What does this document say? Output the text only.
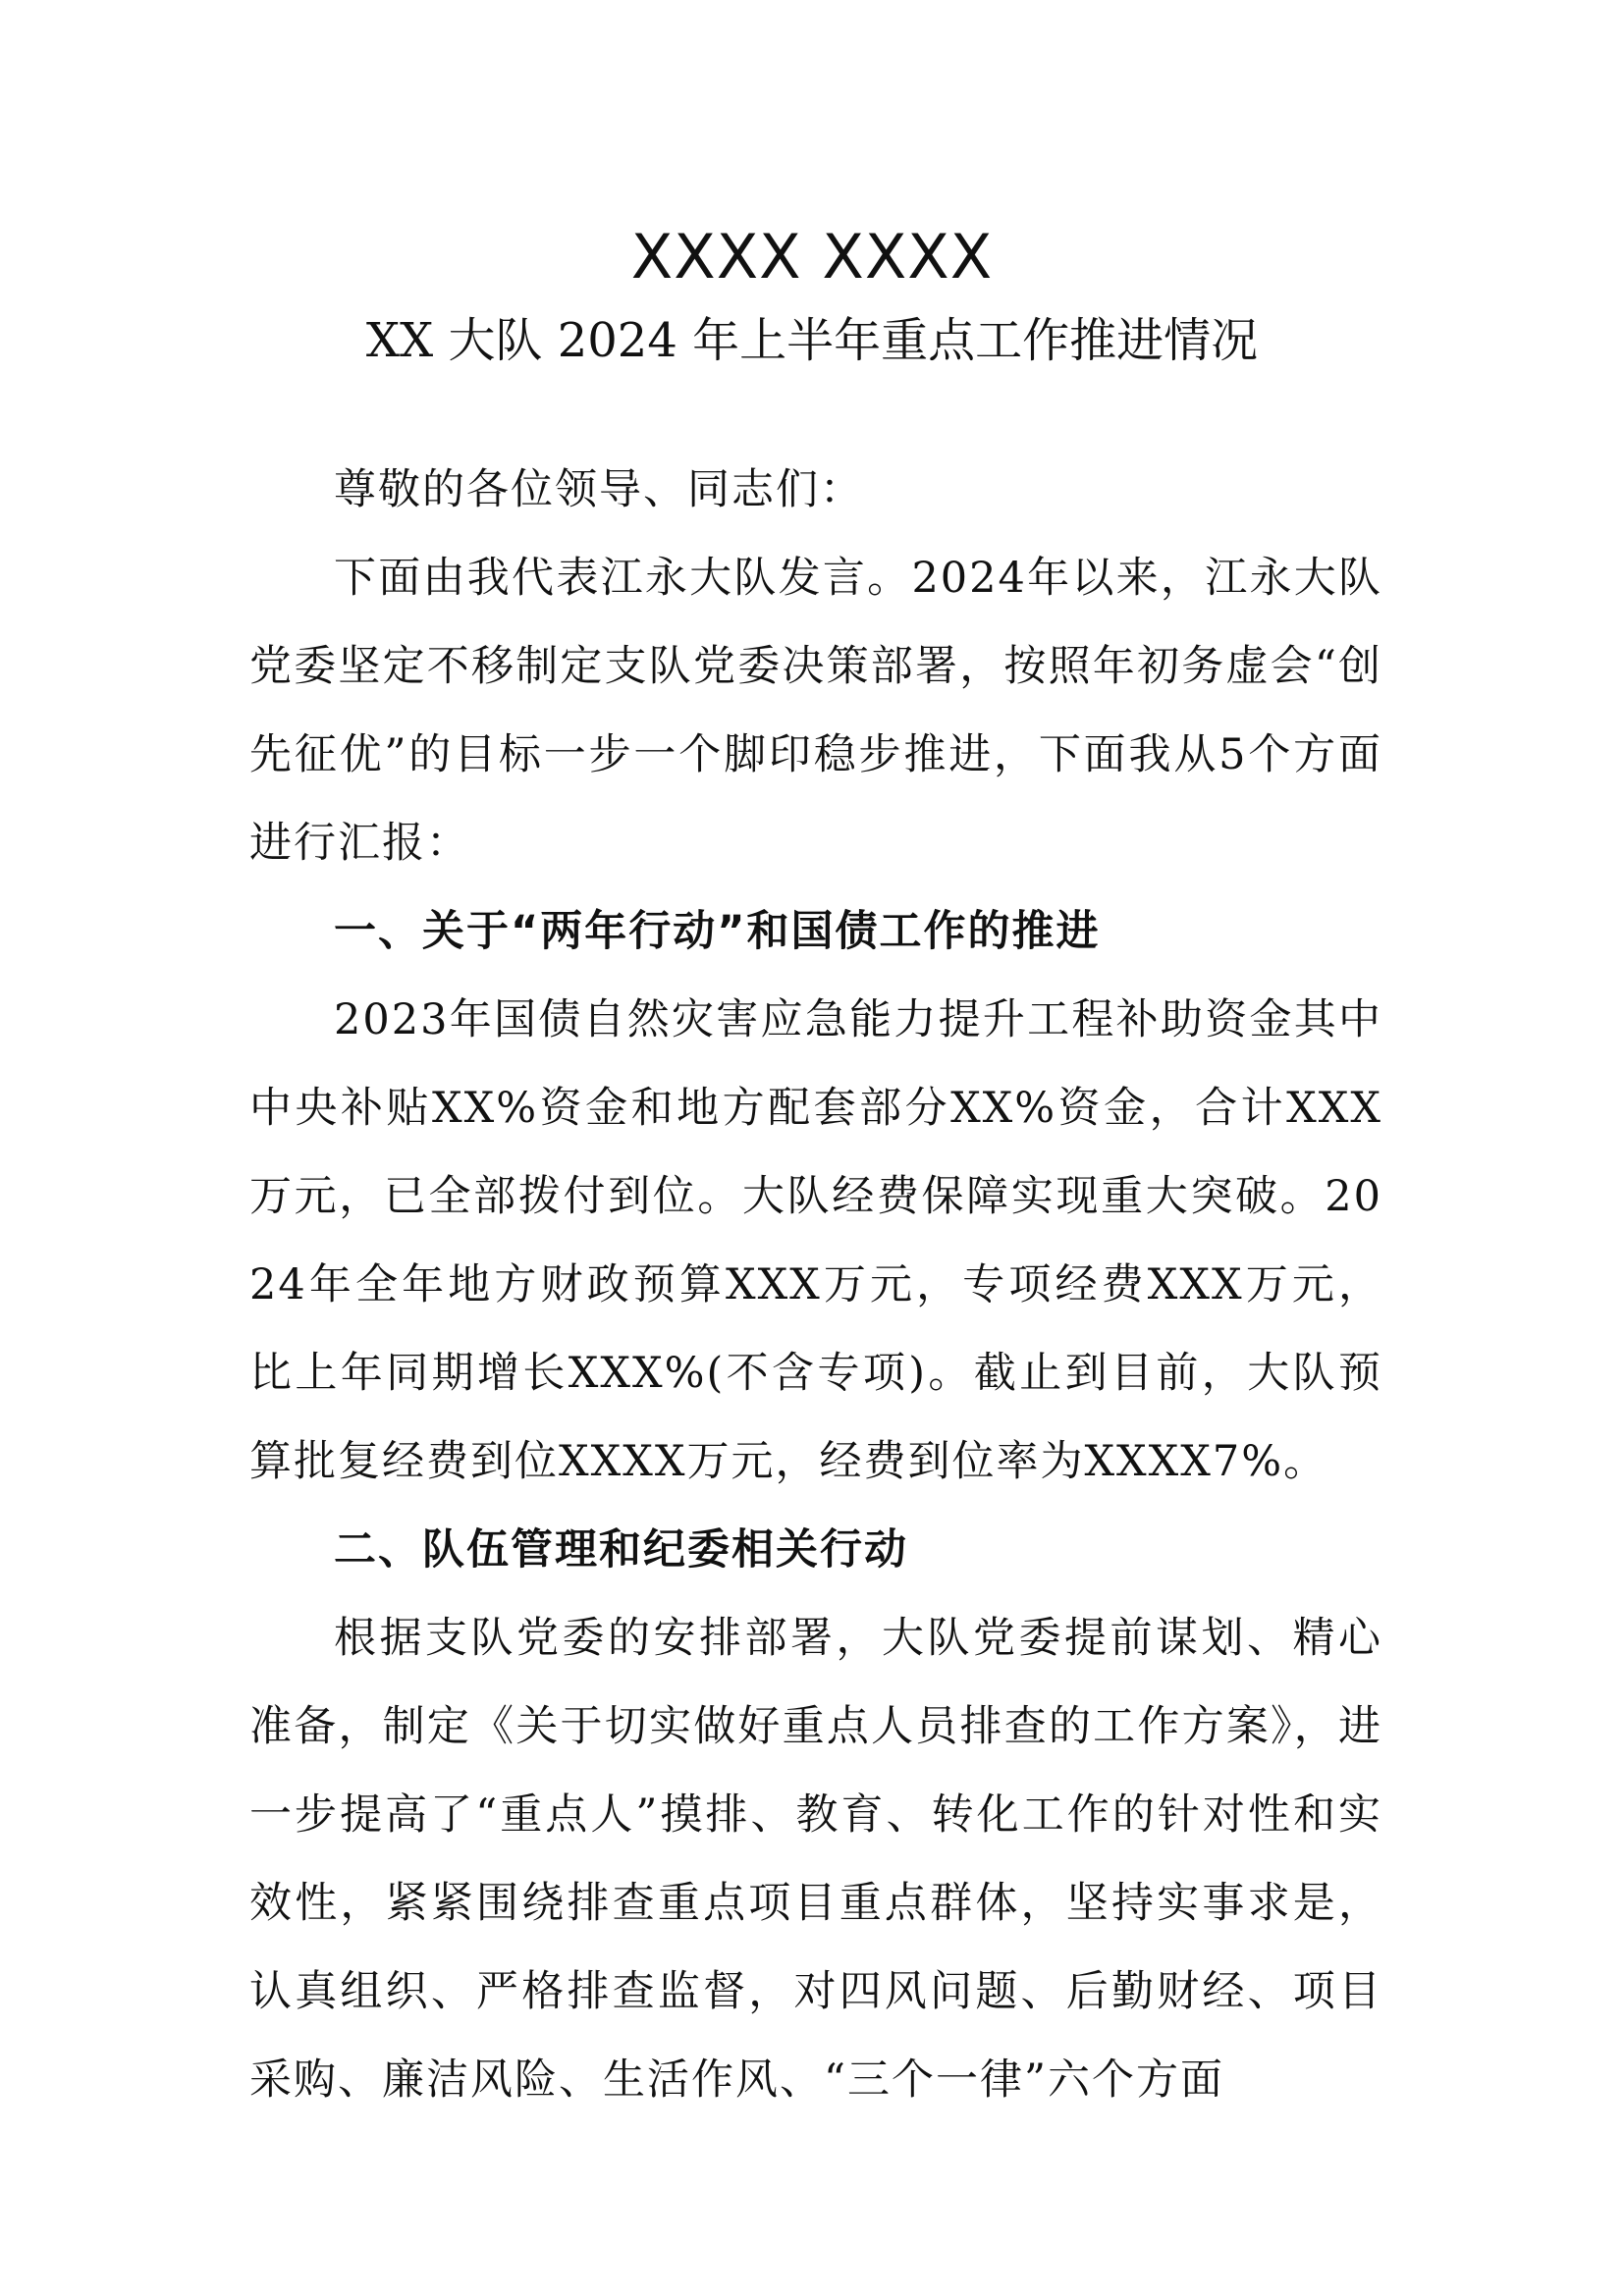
XXXX XXXX
XX 大队 2024 年上半年重点工作推进情况

尊敬的各位领导、同志们：

下面由我代表江永大队发言。2024年以来，江永大队党委坚定不移制定支队党委决策部署，按照年初务虚会“创先征优”的目标一步一个脚印稳步推进，下面我从5个方面进行汇报：

一、关于“两年行动”和国债工作的推进

2023年国债自然灾害应急能力提升工程补助资金其中中央补贴XX%资金和地方配套部分XX%资金，合计XXX万元，已全部拨付到位。大队经费保障实现重大突破。2024年全年地方财政预算XXX万元，专项经费XXX万元，比上年同期增长XXX%(不含专项)。截止到目前，大队预算批复经费到位XXXX万元，经费到位率为XXXX7%。

二、队伍管理和纪委相关行动

根据支队党委的安排部署，大队党委提前谋划、精心准备，制定《关于切实做好重点人员排查的工作方案》，进一步提高了“重点人”摸排、教育、转化工作的针对性和实效性，紧紧围绕排查重点项目重点群体，坚持实事求是，认真组织、严格排查监督，对四风问题、后勤财经、项目采购、廉洁风险、生活作风、“三个一律”六个方面
